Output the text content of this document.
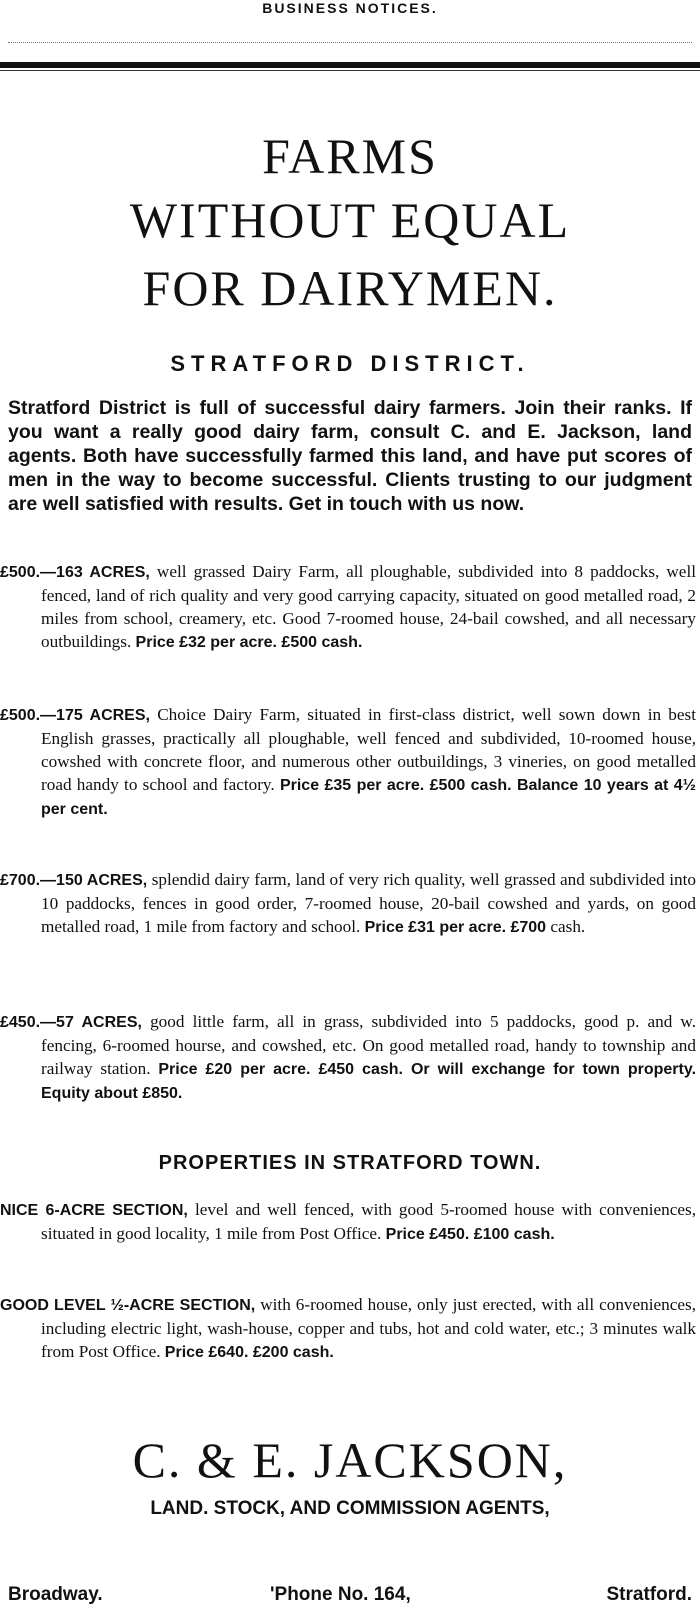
BUSINESS NOTICES.
FARMS
WITHOUT EQUAL
FOR DAIRYMEN.
STRATFORD DISTRICT.
Stratford District is full of successful dairy farmers. Join their ranks. If you want a really good dairy farm, consult C. and E. Jackson, land agents. Both have successfully farmed this land, and have put scores of men in the way to become successful. Clients trusting to our judgment are well satisfied with results. Get in touch with us now.
£500.—163 ACRES, well grassed Dairy Farm, all ploughable, subdivided into 8 paddocks, well fenced, land of rich quality and very good carrying capacity, situated on good metalled road, 2 miles from school, creamery, etc. Good 7-roomed house, 24-bail cowshed, and all necessary outbuildings. Price £32 per acre. £500 cash.
£500.—175 ACRES, Choice Dairy Farm, situated in first-class district, well sown down in best English grasses, practically all ploughable, well fenced and subdivided, 10-roomed house, cowshed with concrete floor, and numerous other outbuildings, 3 vineries, on good metalled road handy to school and factory. Price £35 per acre. £500 cash. Balance 10 years at 4½ per cent.
£700.—150 ACRES, splendid dairy farm, land of very rich quality, well grassed and subdivided into 10 paddocks, fences in good order, 7-roomed house, 20-bail cowshed and yards, on good metalled road, 1 mile from factory and school. Price £31 per acre. £700 cash.
£450.—57 ACRES, good little farm, all in grass, subdivided into 5 paddocks, good p. and w. fencing, 6-roomed hourse, and cowshed, etc. On good metalled road, handy to township and railway station. Price £20 per acre. £450 cash. Or will exchange for town property. Equity about £850.
PROPERTIES IN STRATFORD TOWN.
NICE 6-ACRE SECTION, level and well fenced, with good 5-roomed house with conveniences, situated in good locality, 1 mile from Post Office. Price £450. £100 cash.
GOOD LEVEL ½-ACRE SECTION, with 6-roomed house, only just erected, with all conveniences, including electric light, wash-house, copper and tubs, hot and cold water, etc.; 3 minutes walk from Post Office. Price £640. £200 cash.
C. & E. JACKSON,
LAND. STOCK, AND COMMISSION AGENTS,
Broadway.	'Phone No. 164,	Stratford.
